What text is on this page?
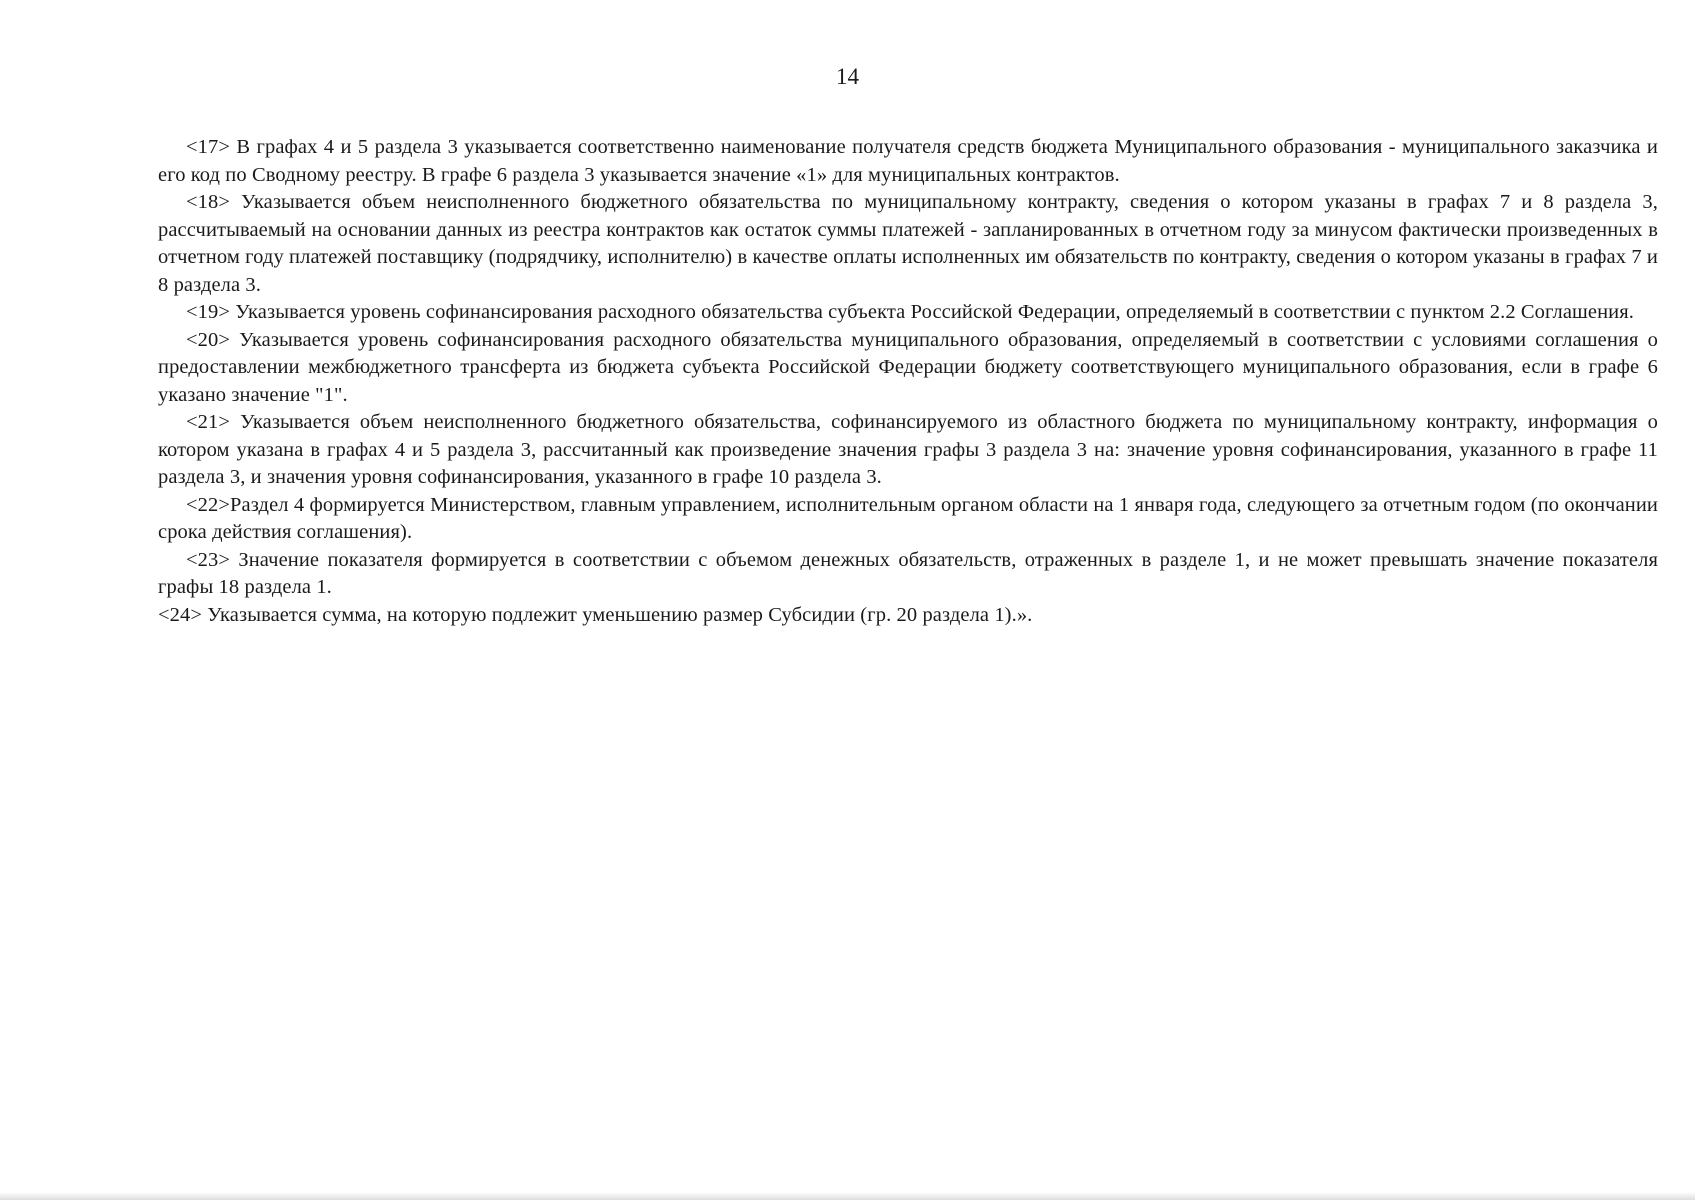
14

<17> В графах 4 и 5 раздела 3 указывается соответственно наименование получателя средств бюджета Муниципального образования - муниципального заказчика и его код по Сводному реестру. В графе 6 раздела 3 указывается значение «1» для муниципальных контрактов.

<18> Указывается объем неисполненного бюджетного обязательства по муниципальному контракту, сведения о котором указаны в графах 7 и 8 раздела 3, рассчитываемый на основании данных из реестра контрактов как остаток суммы платежей - запланированных в отчетном году за минусом фактически произведенных в отчетном году платежей поставщику (подрядчику, исполнителю) в качестве оплаты исполненных им обязательств по контракту, сведения о котором указаны в графах 7 и 8 раздела 3.

<19> Указывается уровень софинансирования расходного обязательства субъекта Российской Федерации, определяемый в соответствии с пунктом 2.2 Соглашения.

<20> Указывается уровень софинансирования расходного обязательства муниципального образования, определяемый в соответствии с условиями соглашения о предоставлении межбюджетного трансферта из бюджета субъекта Российской Федерации бюджету соответствующего муниципального образования, если в графе 6 указано значение "1".

<21> Указывается объем неисполненного бюджетного обязательства, софинансируемого из областного бюджета по муниципальному контракту, информация о котором указана в графах 4 и 5 раздела 3, рассчитанный как произведение значения графы 3 раздела 3 на: значение уровня софинансирования, указанного в графе 11 раздела 3, и значения уровня софинансирования, указанного в графе 10 раздела 3.

<22>Раздел 4 формируется Министерством, главным управлением, исполнительным органом области на 1 января года, следующего за отчетным годом (по окончании срока действия соглашения).

<23> Значение показателя формируется в соответствии с объемом денежных обязательств, отраженных в разделе 1, и не может превышать значение показателя графы 18 раздела 1.

<24> Указывается сумма, на которую подлежит уменьшению размер Субсидии (гр. 20 раздела 1).».
